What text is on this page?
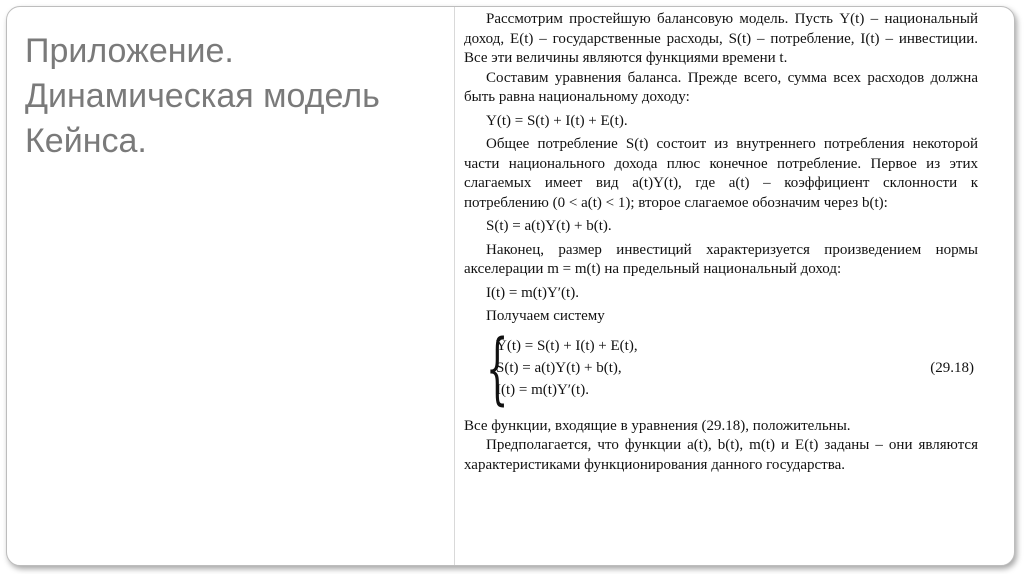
Приложение.
Динамическая модель
Кейнса.

Рассмотрим простейшую балансовую модель. Пусть Y(t) – национальный доход, E(t) – государственные расходы, S(t) – потребление, I(t) – инвестиции. Все эти величины являются функциями времени t.

Составим уравнения баланса. Прежде всего, сумма всех расходов должна быть равна национальному доходу:

Y(t) = S(t) + I(t) + E(t).

Общее потребление S(t) состоит из внутреннего потребления некоторой части национального дохода плюс конечное потребление. Первое из этих слагаемых имеет вид a(t)Y(t), где a(t) – коэффициент склонности к потреблению (0 < a(t) < 1); второе слагаемое обозначим через b(t):

S(t) = a(t)Y(t) + b(t).

Наконец, размер инвестиций характеризуется произведением нормы акселерации m = m(t) на предельный национальный доход:

I(t) = m(t)Y′(t).

Получаем систему

{
Y(t) = S(t) + I(t) + E(t),
S(t) = a(t)Y(t) + b(t),
I(t) = m(t)Y′(t).
(29.18)

Все функции, входящие в уравнения (29.18), положительны.

Предполагается, что функции a(t), b(t), m(t) и E(t) заданы – они являются характеристиками функционирования данного государства.
